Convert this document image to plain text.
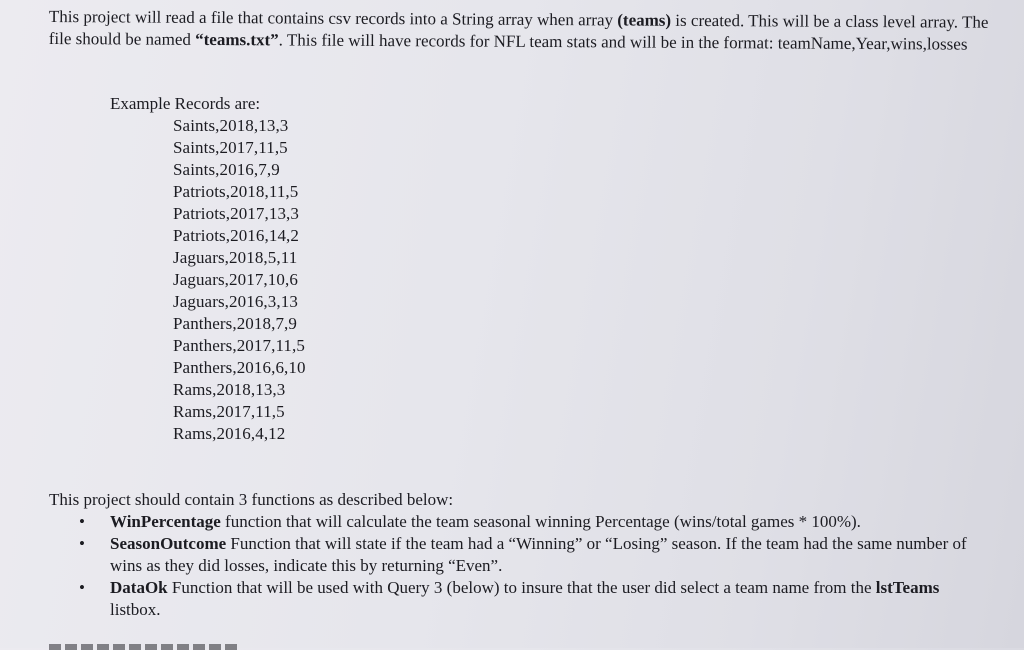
This project will read a file that contains csv records into a String array when array (teams) is created. This will be a class level array. The file should be named “teams.txt”. This file will have records for NFL team stats and will be in the format: teamName,Year,wins,losses

Example Records are:

Saints,2018,13,3
Saints,2017,11,5
Saints,2016,7,9
Patriots,2018,11,5
Patriots,2017,13,3
Patriots,2016,14,2
Jaguars,2018,5,11
Jaguars,2017,10,6
Jaguars,2016,3,13
Panthers,2018,7,9
Panthers,2017,11,5
Panthers,2016,6,10
Rams,2018,13,3
Rams,2017,11,5
Rams,2016,4,12

This project should contain 3 functions as described below:

• WinPercentage function that will calculate the team seasonal winning Percentage (wins/total games * 100%).
• SeasonOutcome Function that will state if the team had a “Winning” or “Losing” season. If the team had the same number of wins as they did losses, indicate this by returning “Even”.
• DataOk Function that will be used with Query 3 (below) to insure that the user did select a team name from the lstTeams listbox.
